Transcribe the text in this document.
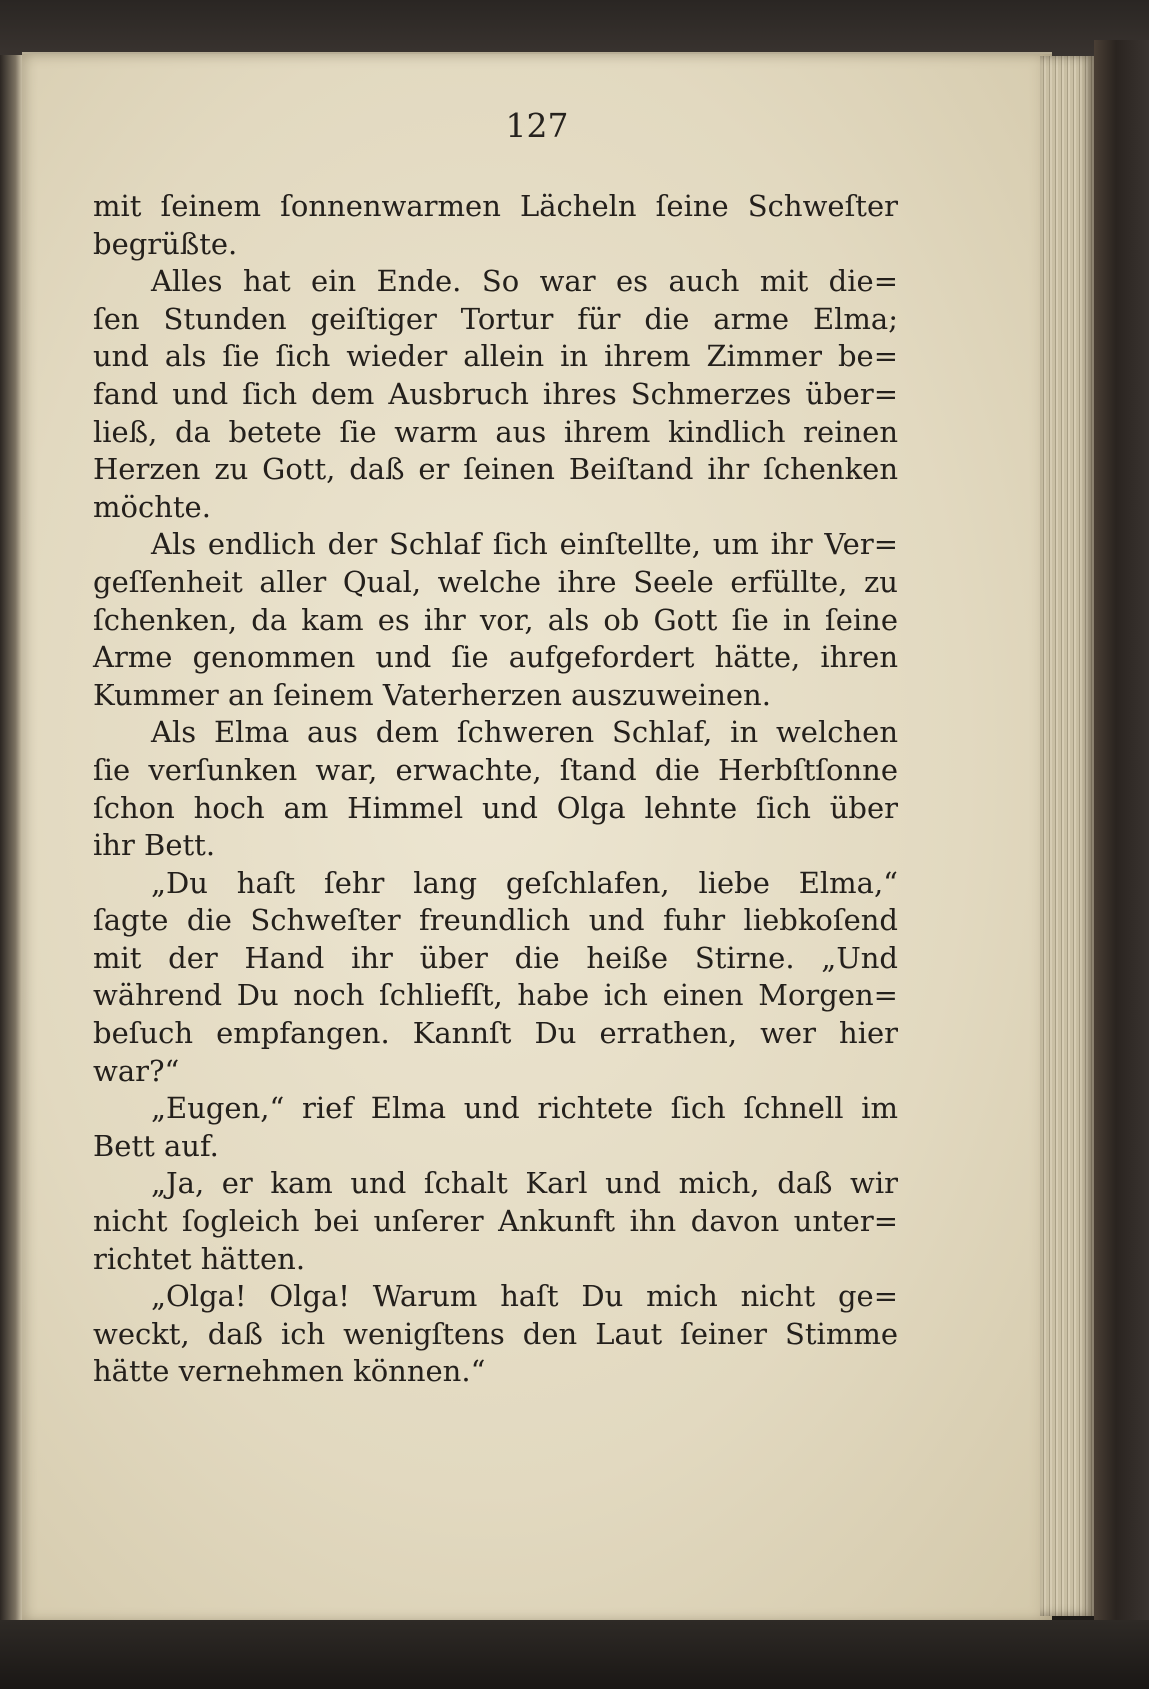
127

mit ſeinem ſonnenwarmen Lächeln ſeine Schweſter
begrüßte.
Alles hat ein Ende. So war es auch mit die=
ſen Stunden geiſtiger Tortur für die arme Elma;
und als ſie ſich wieder allein in ihrem Zimmer be=
fand und ſich dem Ausbruch ihres Schmerzes über=
ließ, da betete ſie warm aus ihrem kindlich reinen
Herzen zu Gott, daß er ſeinen Beiſtand ihr ſchenken
möchte.
Als endlich der Schlaf ſich einſtellte, um ihr Ver=
geſſenheit aller Qual, welche ihre Seele erfüllte, zu
ſchenken, da kam es ihr vor, als ob Gott ſie in ſeine
Arme genommen und ſie aufgefordert hätte, ihren
Kummer an ſeinem Vaterherzen auszuweinen.
Als Elma aus dem ſchweren Schlaf, in welchen
ſie verſunken war, erwachte, ſtand die Herbſtſonne
ſchon hoch am Himmel und Olga lehnte ſich über
ihr Bett.
„Du haſt ſehr lang geſchlafen, liebe Elma,“
ſagte die Schweſter freundlich und fuhr liebkoſend
mit der Hand ihr über die heiße Stirne. „Und
während Du noch ſchliefſt, habe ich einen Morgen=
beſuch empfangen. Kannſt Du errathen, wer hier
war?“
„Eugen,“ rief Elma und richtete ſich ſchnell im
Bett auf.
„Ja, er kam und ſchalt Karl und mich, daß wir
nicht ſogleich bei unſerer Ankunft ihn davon unter=
richtet hätten.
„Olga! Olga! Warum haſt Du mich nicht ge=
weckt, daß ich wenigſtens den Laut ſeiner Stimme
hätte vernehmen können.“
